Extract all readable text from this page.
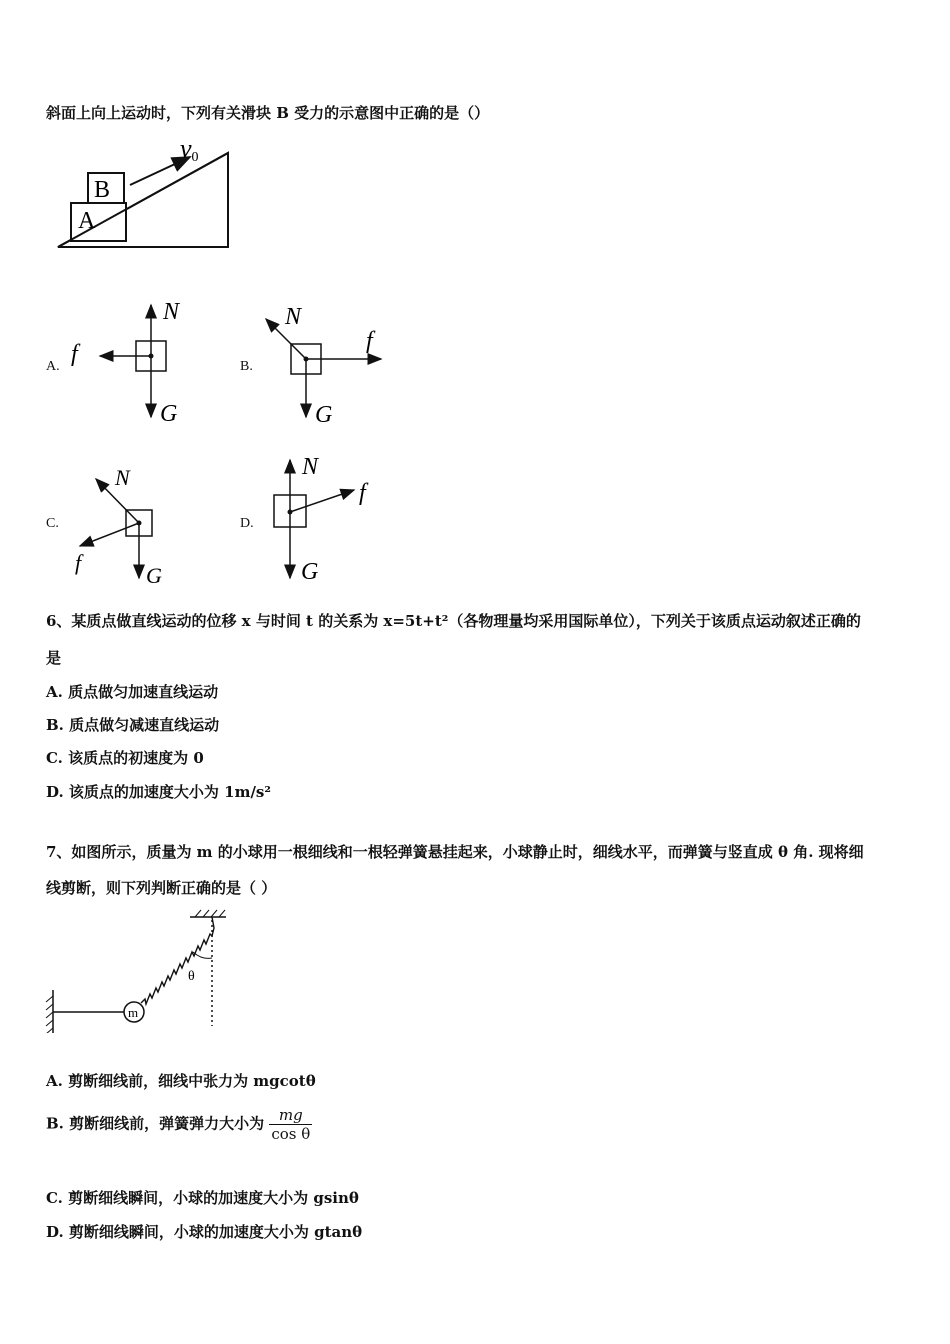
斜面上向上运动时，下列有关滑块 B 受力的示意图中正确的是（）
A
B
v0
A.
N
f
G
B.
N
f
G
C.
N
f
G
D.
N
f
G
6、某质点做直线运动的位移 x 与时间 t 的关系为 x=5t+t²（各物理量均采用国际单位），下列关于该质点运动叙述正确的
是
A. 质点做匀加速直线运动
B. 质点做匀减速直线运动
C. 该质点的初速度为 0
D. 该质点的加速度大小为 1m/s²
7、如图所示，质量为 m 的小球用一根细线和一根轻弹簧悬挂起来，小球静止时，细线水平，而弹簧与竖直成 θ 角. 现将细
线剪断，则下列判断正确的是（ ）
m
θ
A. 剪断细线前，细线中张力为 mgcotθ
B. 剪断细线前，弹簧弹力大小为 $\frac{mg}{\text{cos θ}}$
C. 剪断细线瞬间，小球的加速度大小为 gsinθ
D. 剪断细线瞬间，小球的加速度大小为 gtanθ
